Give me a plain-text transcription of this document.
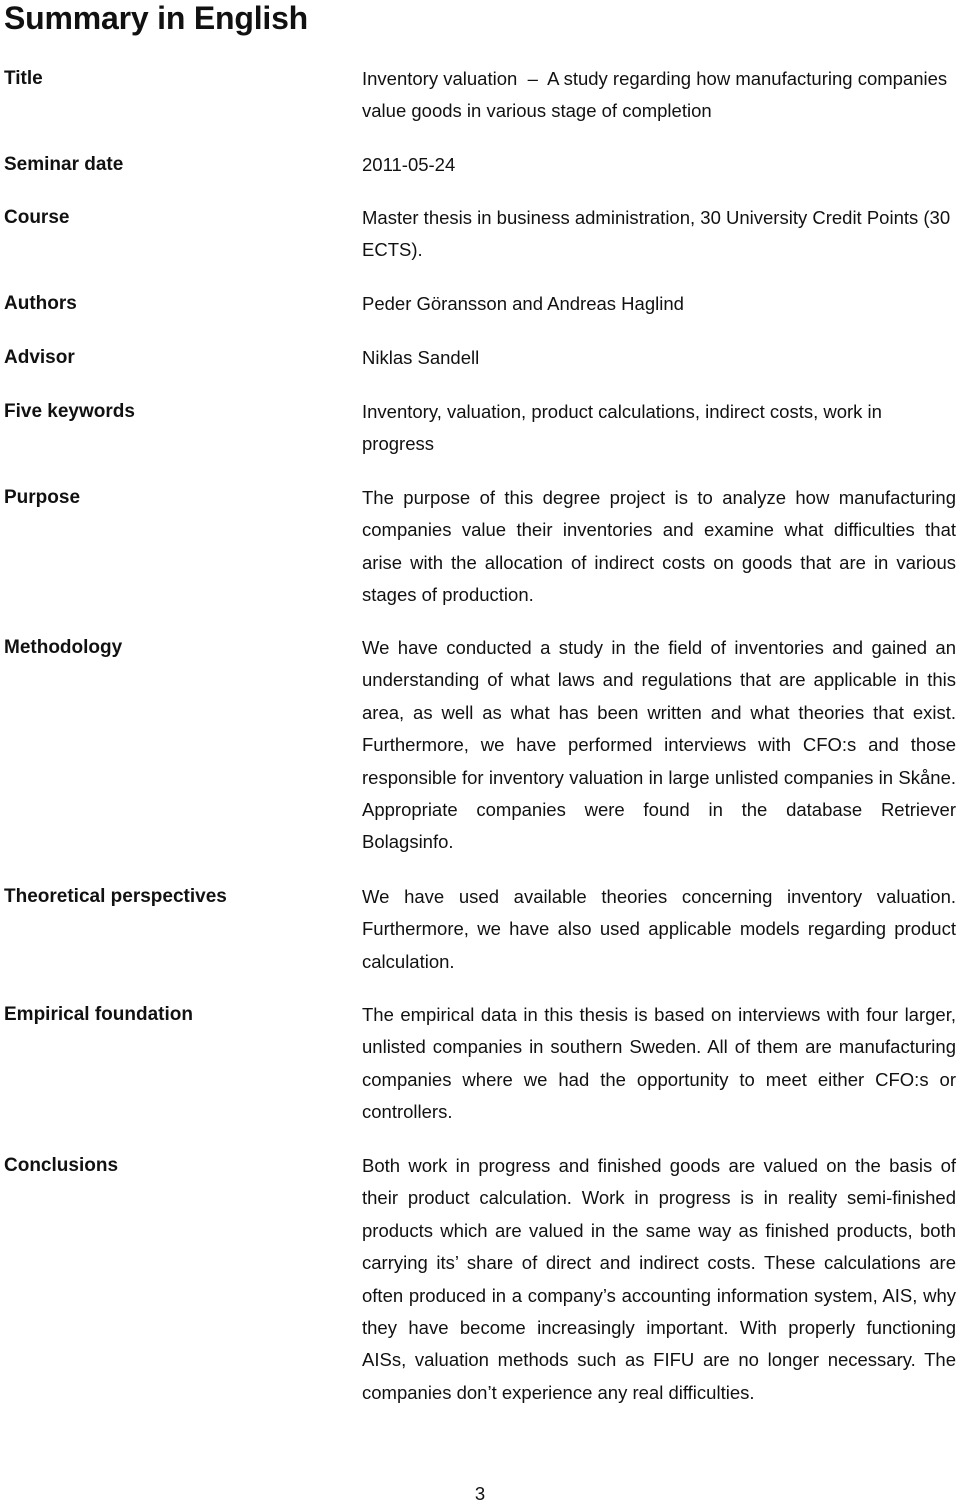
Summary in English
Title	Inventory valuation  –  A study regarding how manufacturing companies value goods in various stage of completion
Seminar date	2011-05-24
Course	Master thesis in business administration, 30 University Credit Points (30 ECTS).
Authors	Peder Göransson and Andreas Haglind
Advisor	Niklas Sandell
Five keywords	Inventory, valuation, product calculations, indirect costs, work in progress
Purpose	The purpose of this degree project is to analyze how manufacturing companies value their inventories and examine what difficulties that arise with the allocation of indirect costs on goods that are in various stages of production.
Methodology	We have conducted a study in the field of inventories and gained an understanding of what laws and regulations that are applicable in this area, as well as what has been written and what theories that exist. Furthermore, we have performed interviews with CFO:s and those responsible for inventory valuation in large unlisted companies in Skåne. Appropriate companies were found in the database Retriever Bolagsinfo.
Theoretical perspectives	We have used available theories concerning inventory valuation. Furthermore, we have also used applicable models regarding product calculation.
Empirical foundation	The empirical data in this thesis is based on interviews with four larger, unlisted companies in southern Sweden. All of them are manufacturing companies where we had the opportunity to meet either CFO:s or controllers.
Conclusions	Both work in progress and finished goods are valued on the basis of their product calculation. Work in progress is in reality semi-finished products which are valued in the same way as finished products, both carrying its’ share of direct and indirect costs. These calculations are often produced in a company’s accounting information system, AIS, why they have become increasingly important. With properly functioning AISs, valuation methods such as FIFU are no longer necessary. The companies don’t experience any real difficulties.
3
